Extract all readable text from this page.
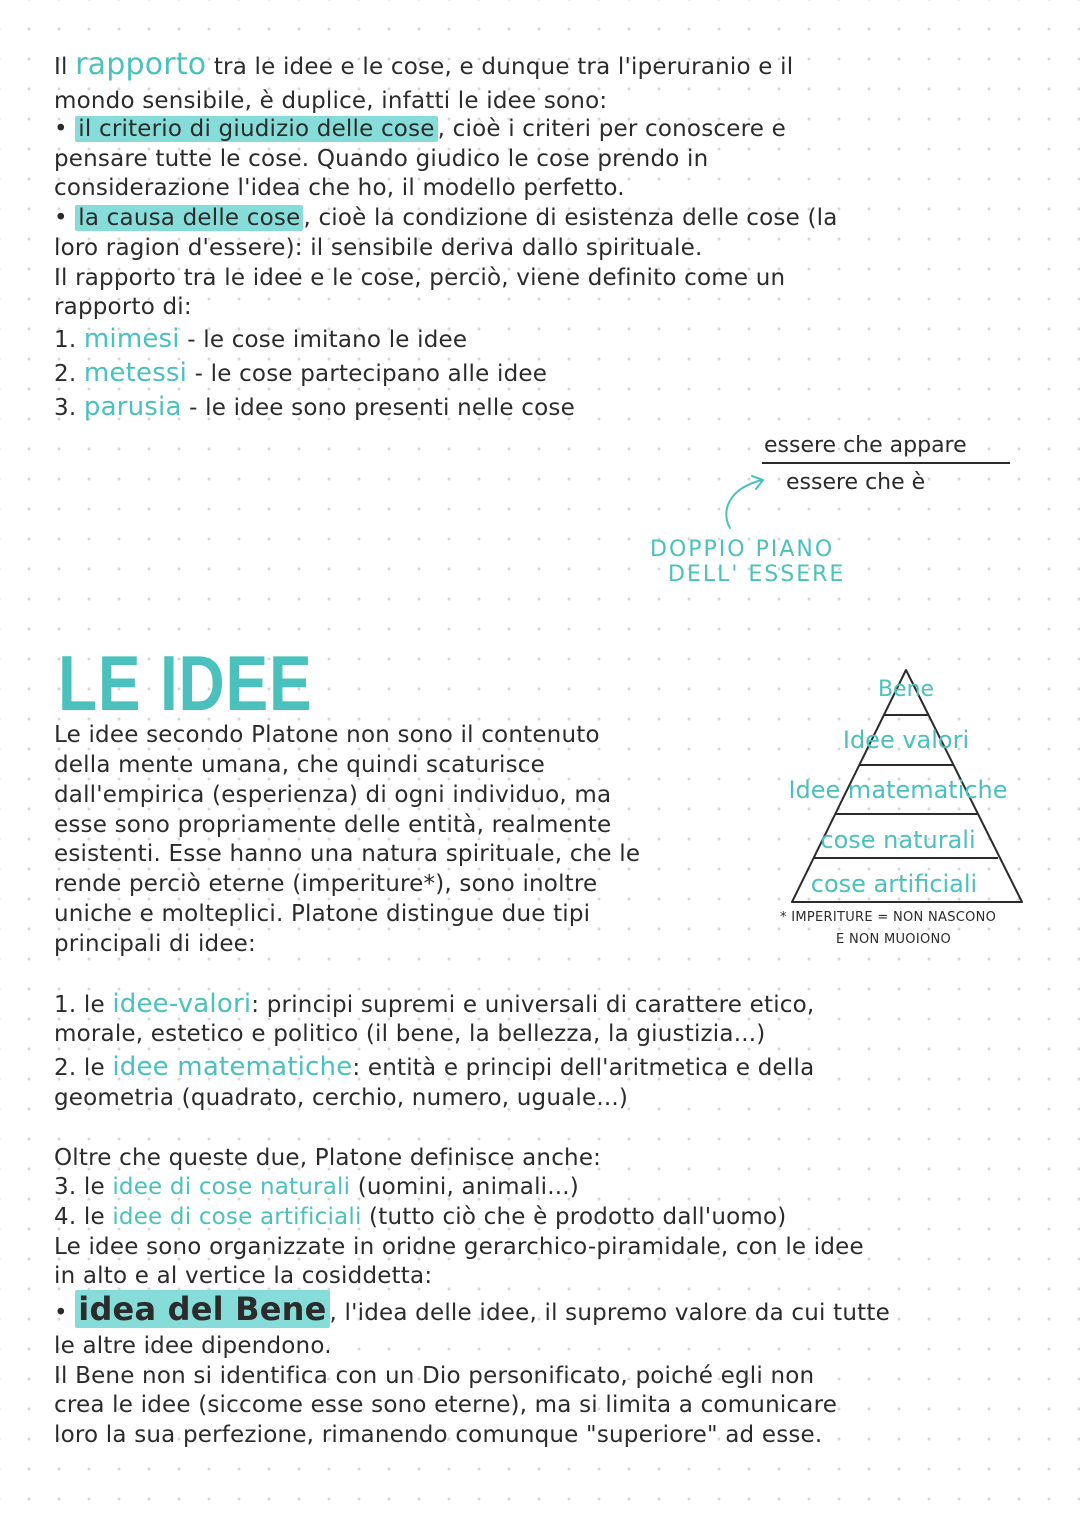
Il rapporto tra le idee e le cose, e dunque tra l'iperuranio e il
mondo sensibile, è duplice, infatti le idee sono:
• il criterio di giudizio delle cose , cioè i criteri per conoscere e
pensare tutte le cose. Quando giudico le cose prendo in
considerazione l'idea che ho, il modello perfetto.
• la causa delle cose , cioè la condizione di esistenza delle cose (la
loro ragion d'essere): il sensibile deriva dallo spirituale.
Il rapporto tra le idee e le cose, perciò, viene definito come un
rapporto di:
1. mimesi - le cose imitano le idee
2. metessi - le cose partecipano alle idee
3. parusia - le idee sono presenti nelle cose
essere che appare
essere che è
DOPPIO PIANO
DELL' ESSERE
LE IDEE
Le idee secondo Platone non sono il contenuto
della mente umana, che quindi scaturisce
dall'empirica (esperienza) di ogni individuo, ma
esse sono propriamente delle entità, realmente
esistenti. Esse hanno una natura spirituale, che le
rende perciò eterne (imperiture*), sono inoltre
uniche e molteplici. Platone distingue due tipi
principali di idee:
Bene
Idee valori
Idee matematiche
cose naturali
cose artificiali
* IMPERITURE = NON NASCONO
E NON MUOIONO
1. le idee-valori: principi supremi e universali di carattere etico,
morale, estetico e politico (il bene, la bellezza, la giustizia...)
2. le idee matematiche: entità e principi dell'aritmetica e della
geometria (quadrato, cerchio, numero, uguale...)
Oltre che queste due, Platone definisce anche:
3. le idee di cose naturali (uomini, animali...)
4. le idee di cose artificiali (tutto ciò che è prodotto dall'uomo)
Le idee sono organizzate in oridne gerarchico-piramidale, con le idee
in alto e al vertice la cosiddetta:
• idea del Bene , l'idea delle idee, il supremo valore da cui tutte
le altre idee dipendono.
Il Bene non si identifica con un Dio personificato, poiché egli non
crea le idee (siccome esse sono eterne), ma si limita a comunicare
loro la sua perfezione, rimanendo comunque "superiore" ad esse.
